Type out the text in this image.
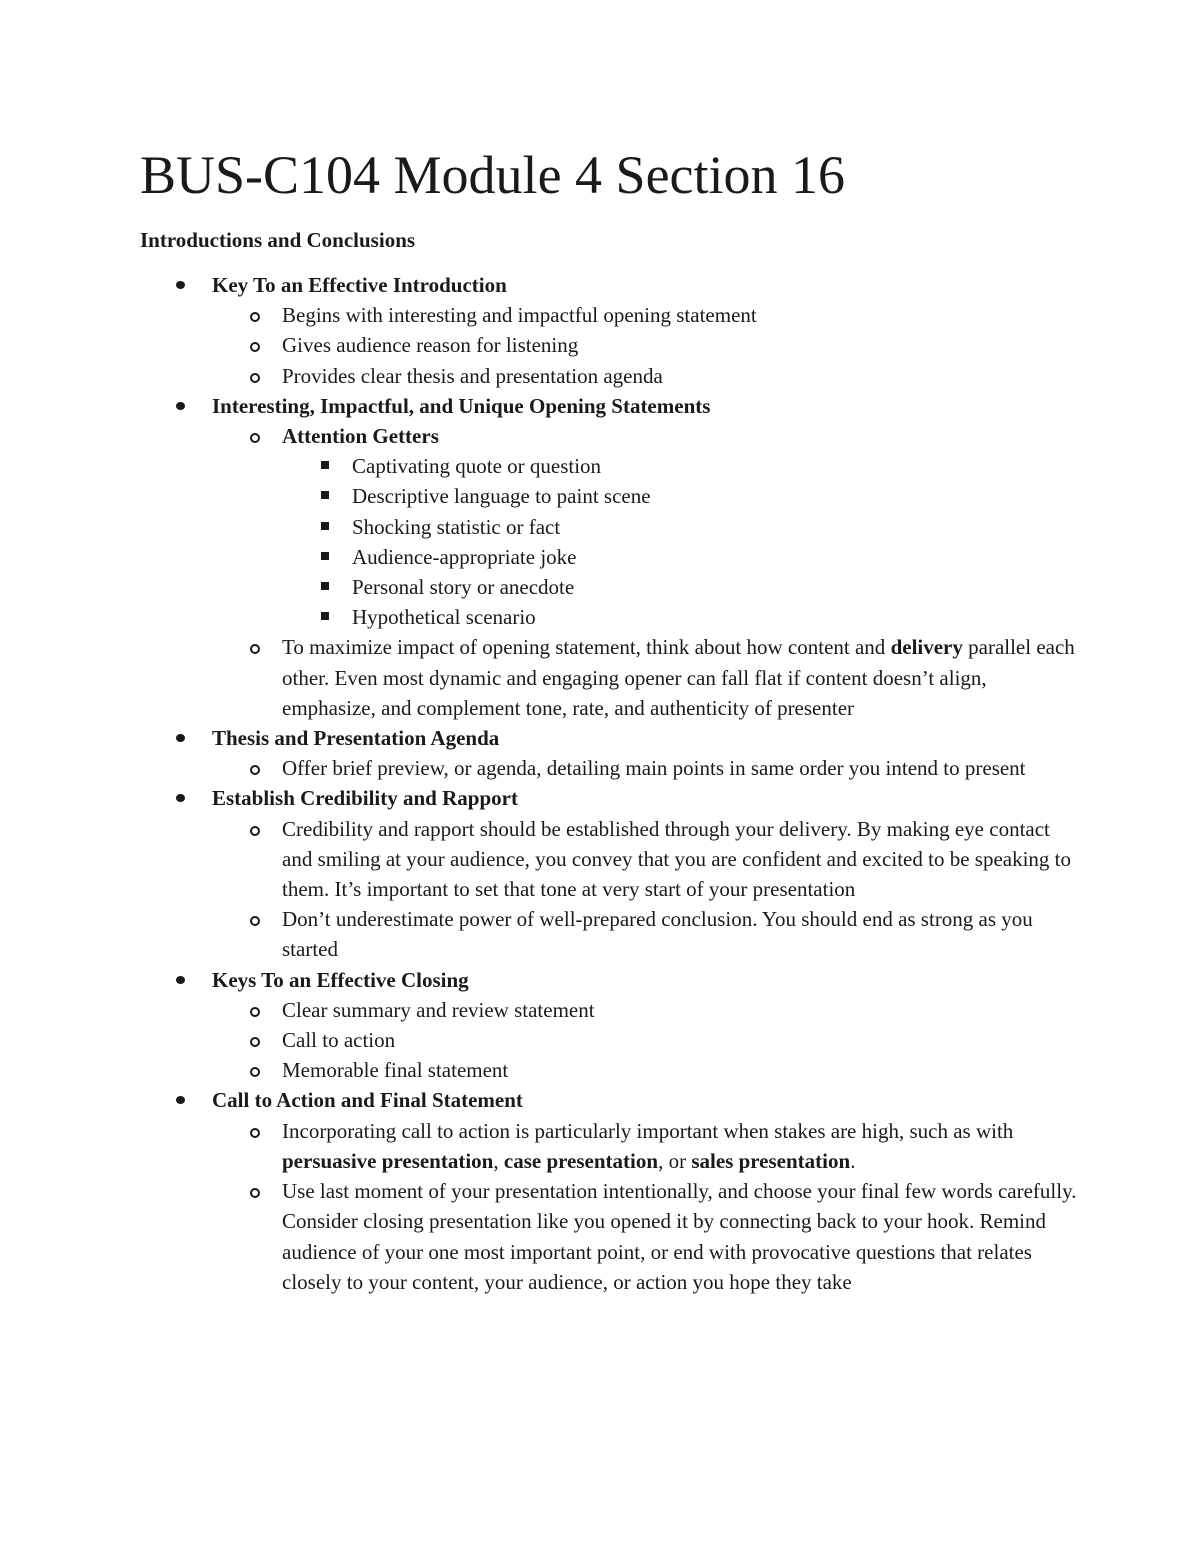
BUS-C104 Module 4 Section 16
Introductions and Conclusions
Key To an Effective Introduction
Begins with interesting and impactful opening statement
Gives audience reason for listening
Provides clear thesis and presentation agenda
Interesting, Impactful, and Unique Opening Statements
Attention Getters
Captivating quote or question
Descriptive language to paint scene
Shocking statistic or fact
Audience-appropriate joke
Personal story or anecdote
Hypothetical scenario
To maximize impact of opening statement, think about how content and delivery parallel each other. Even most dynamic and engaging opener can fall flat if content doesn’t align, emphasize, and complement tone, rate, and authenticity of presenter
Thesis and Presentation Agenda
Offer brief preview, or agenda, detailing main points in same order you intend to present
Establish Credibility and Rapport
Credibility and rapport should be established through your delivery. By making eye contact and smiling at your audience, you convey that you are confident and excited to be speaking to them. It’s important to set that tone at very start of your presentation
Don’t underestimate power of well-prepared conclusion. You should end as strong as you started
Keys To an Effective Closing
Clear summary and review statement
Call to action
Memorable final statement
Call to Action and Final Statement
Incorporating call to action is particularly important when stakes are high, such as with persuasive presentation, case presentation, or sales presentation.
Use last moment of your presentation intentionally, and choose your final few words carefully. Consider closing presentation like you opened it by connecting back to your hook. Remind audience of your one most important point, or end with provocative questions that relates closely to your content, your audience, or action you hope they take
